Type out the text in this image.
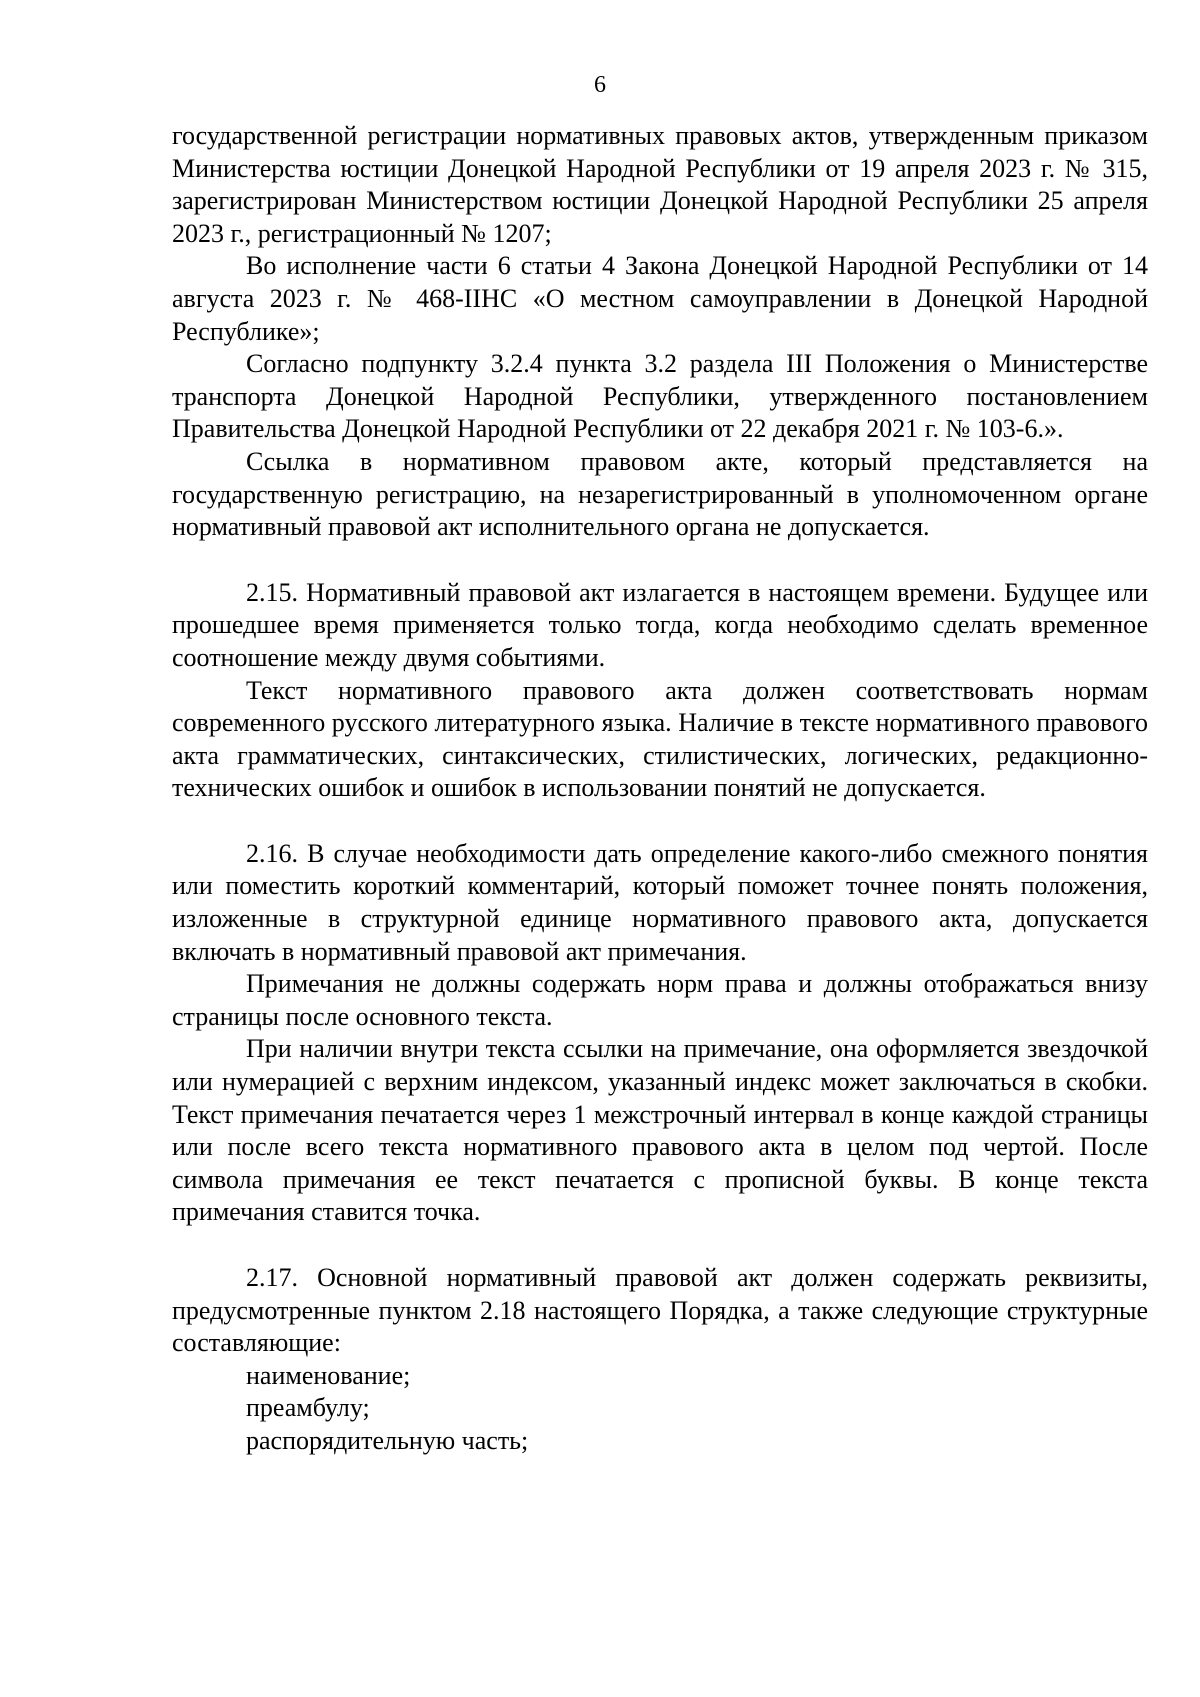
6

государственной регистрации нормативных правовых актов, утвержденным приказом Министерства юстиции Донецкой Народной Республики от 19 апреля 2023 г. № 315, зарегистрирован Министерством юстиции Донецкой Народной Республики 25 апреля 2023 г., регистрационный № 1207;

Во исполнение части 6 статьи 4 Закона Донецкой Народной Республики от 14 августа 2023 г. № 468-IIНС «О местном самоуправлении в Донецкой Народной Республике»;

Согласно подпункту 3.2.4 пункта 3.2 раздела III Положения о Министерстве транспорта Донецкой Народной Республики, утвержденного постановлением Правительства Донецкой Народной Республики от 22 декабря 2021 г. № 103-6.».

Ссылка в нормативном правовом акте, который представляется на государственную регистрацию, на незарегистрированный в уполномоченном органе нормативный правовой акт исполнительного органа не допускается.

2.15. Нормативный правовой акт излагается в настоящем времени. Будущее или прошедшее время применяется только тогда, когда необходимо сделать временное соотношение между двумя событиями.

Текст нормативного правового акта должен соответствовать нормам современного русского литературного языка. Наличие в тексте нормативного правового акта грамматических, синтаксических, стилистических, логических, редакционно-технических ошибок и ошибок в использовании понятий не допускается.

2.16. В случае необходимости дать определение какого-либо смежного понятия или поместить короткий комментарий, который поможет точнее понять положения, изложенные в структурной единице нормативного правового акта, допускается включать в нормативный правовой акт примечания.

Примечания не должны содержать норм права и должны отображаться внизу страницы после основного текста.

При наличии внутри текста ссылки на примечание, она оформляется звездочкой или нумерацией с верхним индексом, указанный индекс может заключаться в скобки. Текст примечания печатается через 1 межстрочный интервал в конце каждой страницы или после всего текста нормативного правового акта в целом под чертой. После символа примечания ее текст печатается с прописной буквы. В конце текста примечания ставится точка.

2.17. Основной нормативный правовой акт должен содержать реквизиты, предусмотренные пунктом 2.18 настоящего Порядка, а также следующие структурные составляющие:

наименование;

преамбулу;

распорядительную часть;
